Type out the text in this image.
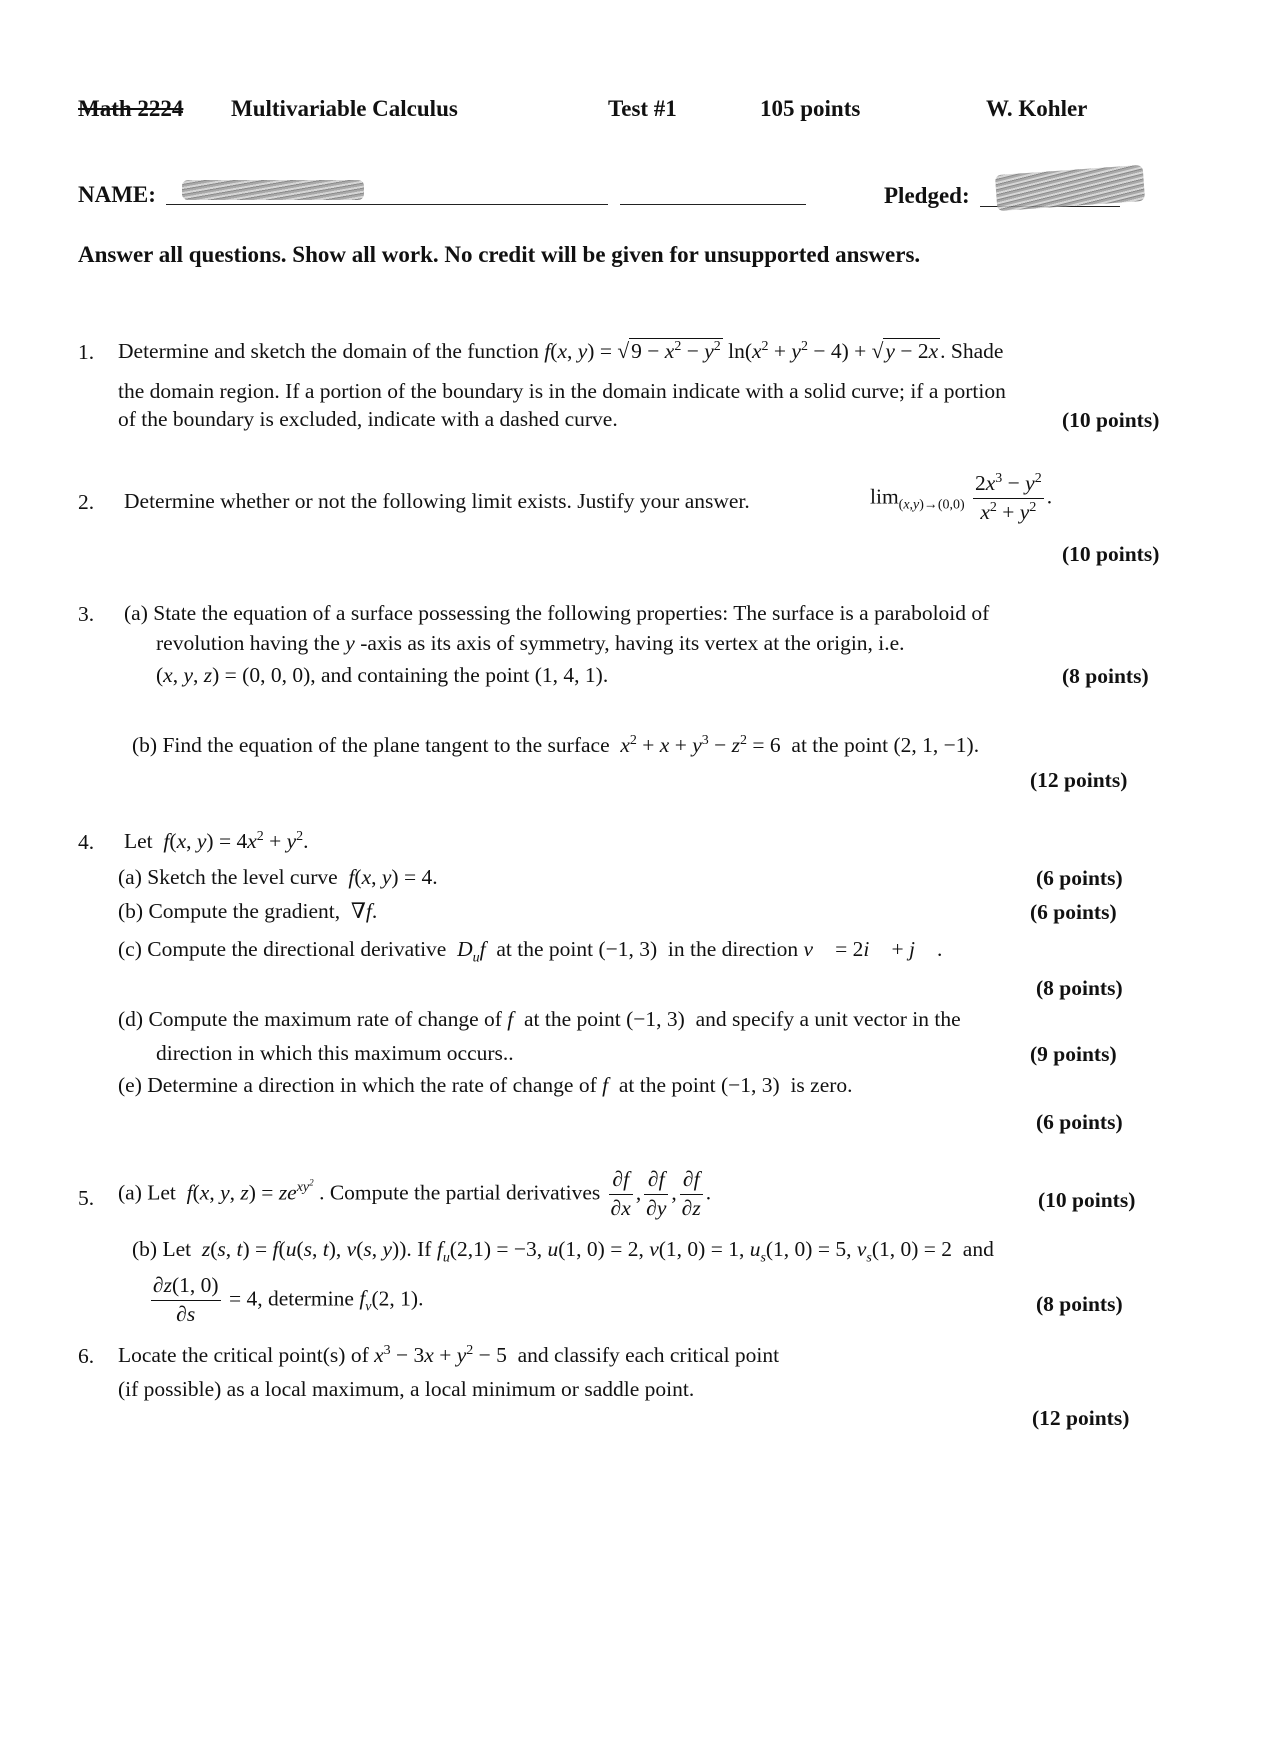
Math 2224 Multivariable Calculus	Test #1	105 points	W. Kohler
NAME:	Pledged:
Answer all questions. Show all work. No credit will be given for unsupported answers.
1. Determine and sketch the domain of the function f(x, $y) = √9 - x^2 - y^2$ $\ln(x^2 + y^2 - 4) + √y - 2x$. Shade
the domain region. If a portion of the boundary is in the domain indicate with a solid curve; if a portion
of the boundary is excluded, indicate with a dashed curve.	(10 points)
2. Determine whether or not the following limit exists. Justify your answer.	$\lim_{(x,y)\to(0,0)} \frac{2x^3 - y^2}{x^2 + y^2}$ .
(10 points)
3. (a) State the equation of a surface possessing the following properties: The surface is a paraboloid of
revolution having the y -axis as its axis of symmetry, having its vertex at the origin, i.e.
(x, y, z) = (0, 0, 0), and containing the point (1, 4, 1).	(8 points)
(b) Find the equation of the plane tangent to the surface $x^2 + x + y^3 - z^2 = 6$  at the point (2, 1, −1).
(12 points)
4. Let f(x, $y) = 4x^2 + y^2$.
(a) Sketch the level curve f(x, y) = 4.	(6 points)
(b) Compute the gradient,  ∇f.	(6 points)
(c) Compute the directional derivative $D_uf$ at the point (−1, 3)  in the direction v⃗ = 2i⃗ + j⃗ .
(8 points)
(d) Compute the maximum rate of change of f at the point (−1, 3)  and specify a unit vector in the
direction in which this maximum occurs..	(9 points)
(e) Determine a direction in which the rate of change of f at the point (−1, 3)  is zero.
(6 points)
5. (a) Let f(x, y, $z) = ze^{xy^2}$ . Compute the partial derivatives $\frac{\partial f}{\partial x}$ , $\frac{\partial f}{\partial y}$ , $\frac{\partial f}{\partial z}$ .	(10 points)
(b) Let z(s, t) = f(u(s, t), v(s, y)). If $f_u(2,1) = -3$, u(1, 0) = 2, v(1, 0) = 1, $u_s(1$, 0) = 5, $v_s(1$, 0) = 2  and
$\frac{\partial z(1, 0)}{\partial s} = 4$, determine $f_v(2$, 1).	(8 points)
6. Locate the critical point(s) of $x^3 - 3x + y^2 - 5$  and classify each critical point
(if possible) as a local maximum, a local minimum or saddle point.
(12 points)
